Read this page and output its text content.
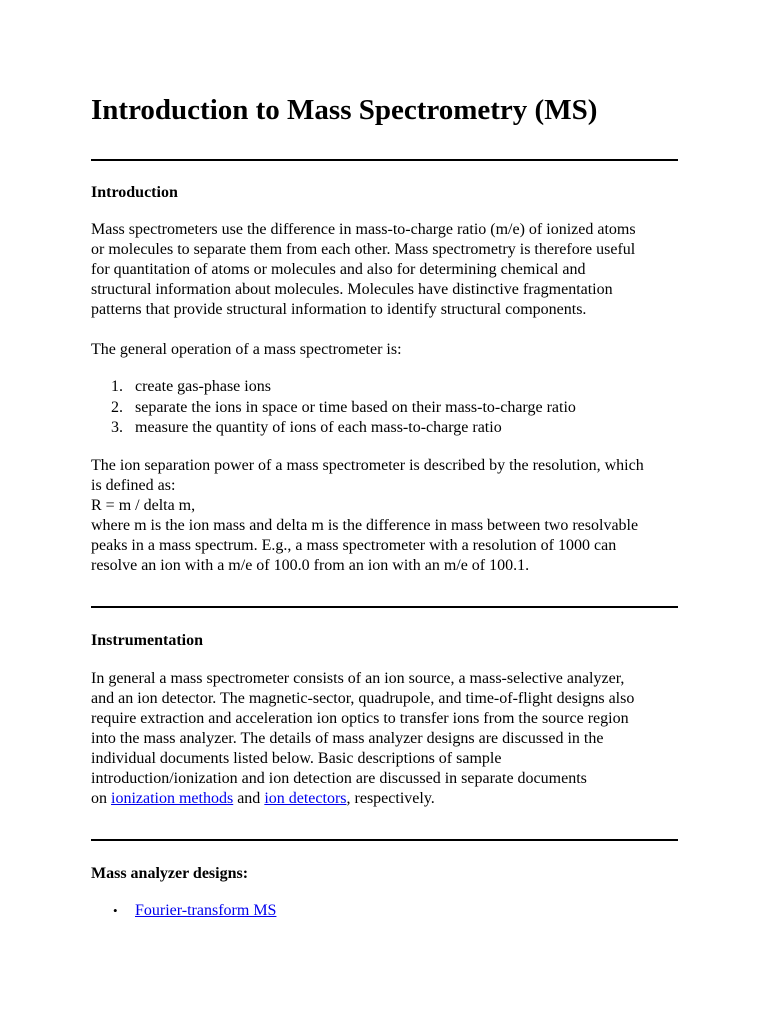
Introduction to Mass Spectrometry (MS)
Introduction

Mass spectrometers use the difference in mass-to-charge ratio (m/e) of ionized atoms
or molecules to separate them from each other. Mass spectrometry is therefore useful
for quantitation of atoms or molecules and also for determining chemical and
structural information about molecules. Molecules have distinctive fragmentation
patterns that provide structural information to identify structural components.

The general operation of a mass spectrometer is:

1. create gas-phase ions
2. separate the ions in space or time based on their mass-to-charge ratio
3. measure the quantity of ions of each mass-to-charge ratio

The ion separation power of a mass spectrometer is described by the resolution, which
is defined as:
R = m / delta m,
where m is the ion mass and delta m is the difference in mass between two resolvable
peaks in a mass spectrum. E.g., a mass spectrometer with a resolution of 1000 can
resolve an ion with a m/e of 100.0 from an ion with an m/e of 100.1.

Instrumentation

In general a mass spectrometer consists of an ion source, a mass-selective analyzer,
and an ion detector. The magnetic-sector, quadrupole, and time-of-flight designs also
require extraction and acceleration ion optics to transfer ions from the source region
into the mass analyzer. The details of mass analyzer designs are discussed in the
individual documents listed below. Basic descriptions of sample
introduction/ionization and ion detection are discussed in separate documents
on ionization methods and ion detectors, respectively.

Mass analyzer designs:
• Fourier-transform MS
